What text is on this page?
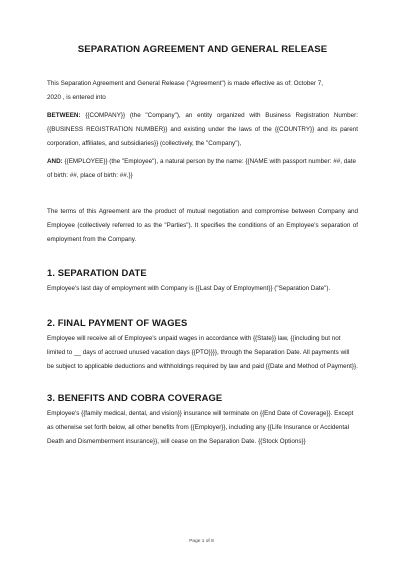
SEPARATION AGREEMENT AND GENERAL RELEASE

This Separation Agreement and General Release ("Agreement") is made effective as of: October 7,

2020 , is entered into

BETWEEN: {{COMPANY}} (the "Company"), an entity organized with Business Registration Number: {{BUSINESS REGISTRATION NUMBER}} and existing under the laws of the {{COUNTRY}} and its parent corporation, affiliates, and subsidiaries}} (collectively, the "Company"),

AND: {{EMPLOYEE}} (the "Employee"), a natural person by the name: {{NAME with passport number: ##, date of birth: ##, place of birth: ##.}}

The terms of this Agreement are the product of mutual negotiation and compromise between Company and Employee (collectively referred to as the "Parties"). It specifies the conditions of an Employee's separation of employment from the Company.

1. SEPARATION DATE

Employee's last day of employment with Company is {{Last Day of Employment}} ("Separation Date").

2. FINAL PAYMENT OF WAGES

Employee will receive all of Employee's unpaid wages in accordance with {{State}} law, {{including but not limited to __ days of accrued unused vacation days {{PTO}}}}, through the Separation Date. All payments will be subject to applicable deductions and withholdings required by law and paid {{Date and Method of Payment}}.

3. BENEFITS AND COBRA COVERAGE

Employee's {{family medical, dental, and vision}} insurance will terminate on {{End Date of Coverage}}. Except as otherwise set forth below, all other benefits from {{Employer}}, including any {{Life Insurance or Accidental Death and Dismemberment insurance}}, will cease on the Separation Date. {{Stock Options}}

Page 1 of 8
